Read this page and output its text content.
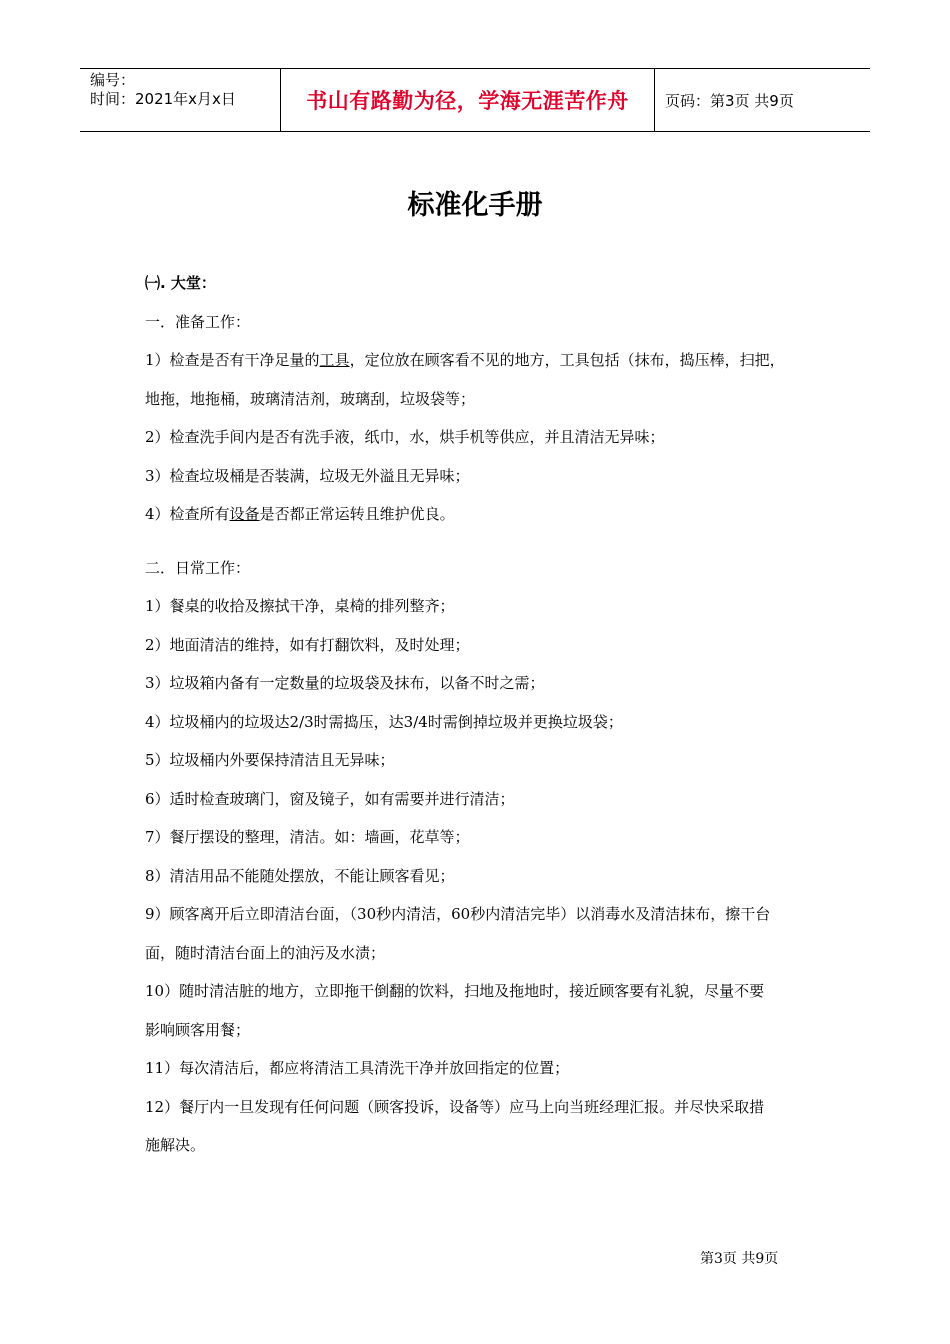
编号：
时间：2021年x月x日	书山有路勤为径，学海无涯苦作舟 页码：第3页 共9页
标准化手册

㈠. 大堂：

一．准备工作：

1）检查是否有干净足量的工具，定位放在顾客看不见的地方，工具包括（抹布，捣压棒，扫把，

地拖，地拖桶，玻璃清洁剂，玻璃刮，垃圾袋等；

2）检查洗手间内是否有洗手液，纸巾，水，烘手机等供应，并且清洁无异味；

3）检查垃圾桶是否装满，垃圾无外溢且无异味；

4）检查所有设备是否都正常运转且维护优良。

二．日常工作：

1）餐桌的收拾及擦拭干净，桌椅的排列整齐；

2）地面清洁的维持，如有打翻饮料，及时处理；

3）垃圾箱内备有一定数量的垃圾袋及抹布，以备不时之需；

4）垃圾桶内的垃圾达2/3时需捣压，达3/4时需倒掉垃圾并更换垃圾袋；

5）垃圾桶内外要保持清洁且无异味；

6）适时检查玻璃门，窗及镜子，如有需要并进行清洁；

7）餐厅摆设的整理，清洁。如：墙画，花草等；

8）清洁用品不能随处摆放，不能让顾客看见；

9）顾客离开后立即清洁台面，（30秒内清洁，60秒内清洁完毕）以消毒水及清洁抹布，擦干台

面，随时清洁台面上的油污及水渍；

10）随时清洁脏的地方，立即拖干倒翻的饮料，扫地及拖地时，接近顾客要有礼貌，尽量不要

影响顾客用餐；

11）每次清洁后，都应将清洁工具清洗干净并放回指定的位置；

12）餐厅内一旦发现有任何问题（顾客投诉，设备等）应马上向当班经理汇报。并尽快采取措

施解决。

第3页 共9页
